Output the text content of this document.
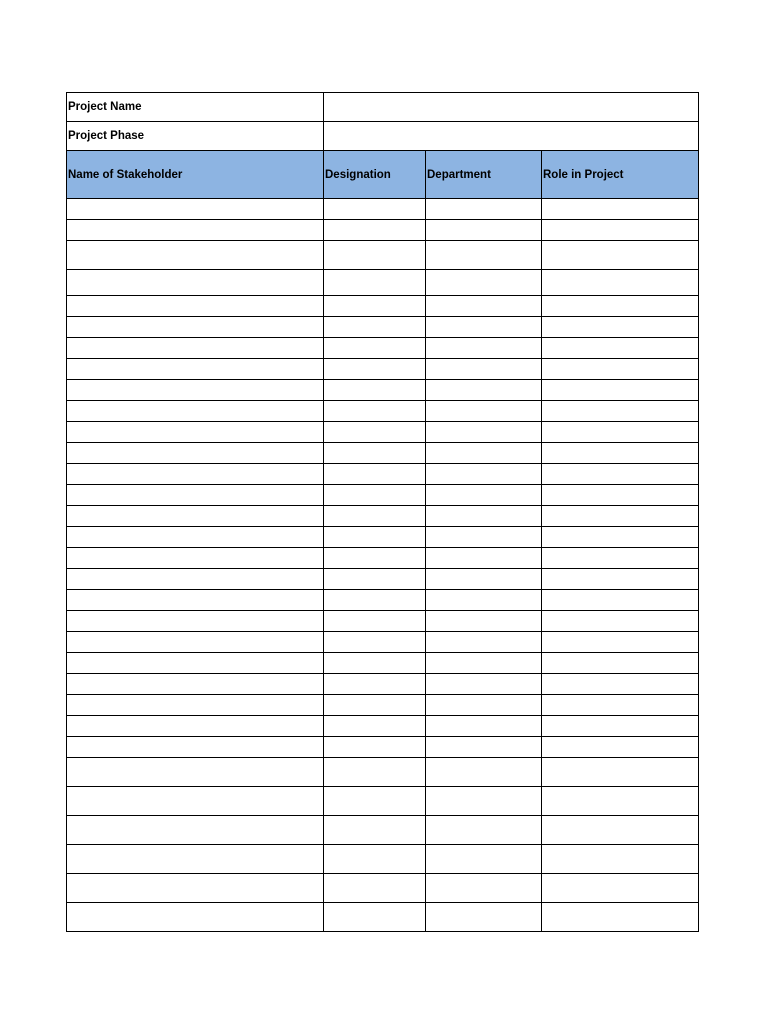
Project Name			
Project Phase			
Name of Stakeholder	Designation	Department	Role in Project
